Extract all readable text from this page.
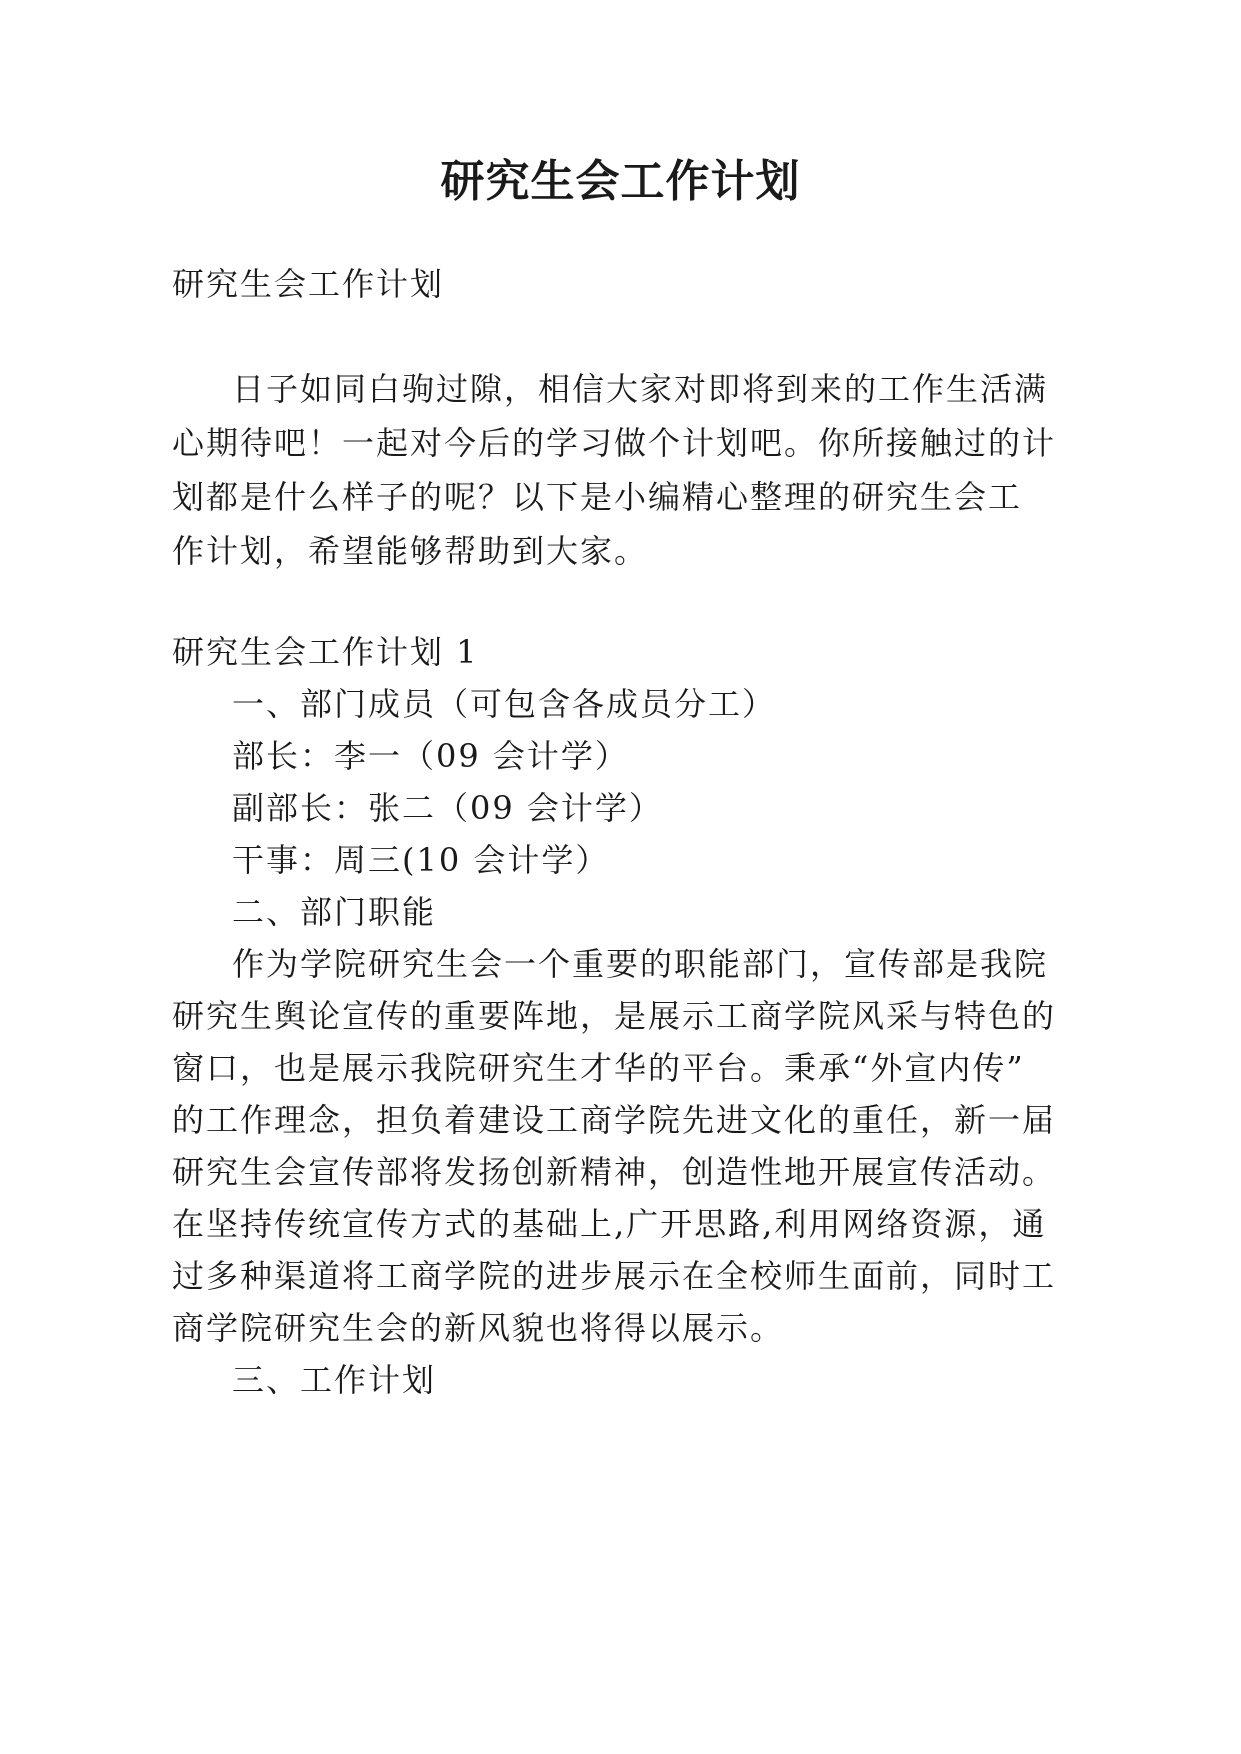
研究生会工作计划

研究生会工作计划

日子如同白驹过隙，相信大家对即将到来的工作生活满

心期待吧！一起对今后的学习做个计划吧。你所接触过的计

划都是什么样子的呢？以下是小编精心整理的研究生会工

作计划，希望能够帮助到大家。

研究生会工作计划 1

一、部门成员（可包含各成员分工）

部长：李一（09 会计学）

副部长：张二（09 会计学）

干事：周三(10 会计学）

二、部门职能

作为学院研究生会一个重要的职能部门，宣传部是我院

研究生舆论宣传的重要阵地，是展示工商学院风采与特色的

窗口，也是展示我院研究生才华的平台。秉承“外宣内传”

的工作理念，担负着建设工商学院先进文化的重任，新一届

研究生会宣传部将发扬创新精神，创造性地开展宣传活动。

在坚持传统宣传方式的基础上,广开思路,利用网络资源，通

过多种渠道将工商学院的进步展示在全校师生面前，同时工

商学院研究生会的新风貌也将得以展示。

三、工作计划
